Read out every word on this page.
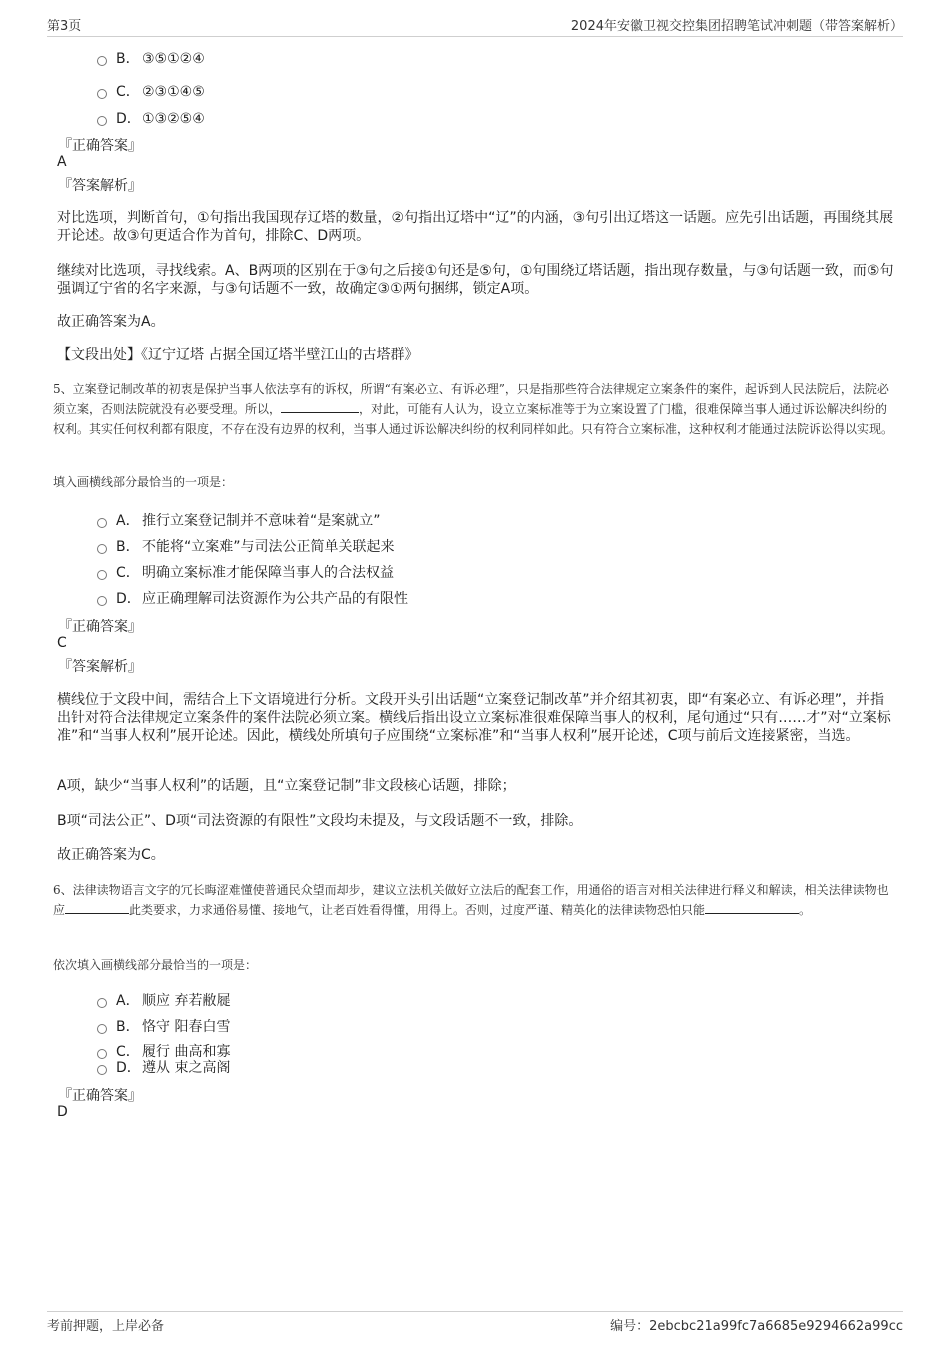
第3页	2024年安徽卫视交控集团招聘笔试冲刺题（带答案解析）
B． ③⑤①②④
C． ②③①④⑤
D．①③②⑤④
『正确答案』
A
『答案解析』
对比选项，判断首句，①句指出我国现存辽塔的数量，②句指出辽塔中“辽”的内涵，③句引出辽塔这一话题。应先引出话题，再围绕其展开论述。故③句更适合作为首句，排除C、D两项。
继续对比选项，寻找线索。A、B两项的区别在于③句之后接①句还是⑤句，①句围绕辽塔话题，指出现存数量，与③句话题一致，而⑤句强调辽宁省的名字来源，与③句话题不一致，故确定③①两句捆绑，锁定A项。
故正确答案为A。
【文段出处】《辽宁辽塔 占据全国辽塔半壁江山的古塔群》
5、立案登记制改革的初衷是保护当事人依法享有的诉权，所谓“有案必立、有诉必理”，只是指那些符合法律规定立案条件的案件，起诉到人民法院后，法院必须立案，否则法院就没有必要受理。所以，	，对此，可能有人认为，设立立案标准等于为立案设置了门槛，很难保障当事人通过诉讼解决纠纷的权利。其实任何权利都有限度，不存在没有边界的权利，当事人通过诉讼解决纠纷的权利同样如此。只有符合立案标准，这种权利才能通过法院诉讼得以实现。
填入画横线部分最恰当的一项是：
A． 推行立案登记制并不意味着“是案就立”
B． 不能将“立案难”与司法公正简单关联起来
C． 明确立案标准才能保障当事人的合法权益
D．应正确理解司法资源作为公共产品的有限性
『正确答案』
C
『答案解析』
横线位于文段中间，需结合上下文语境进行分析。文段开头引出话题“立案登记制改革”并介绍其初衷，即“有案必立、有诉必理”，并指出针对符合法律规定立案条件的案件法院必须立案。横线后指出设立立案标准很难保障当事人的权利，尾句通过“只有……才”对“立案标准”和“当事人权利”展开论述。因此，横线处所填句子应围绕“立案标准”和“当事人权利”展开论述，C项与前后文连接紧密，当选。
A项，缺少“当事人权利”的话题，且“立案登记制”非文段核心话题，排除；
B项“司法公正”、D项“司法资源的有限性”文段均未提及，与文段话题不一致，排除。
故正确答案为C。
6、法律读物语言文字的冗长晦涩难懂使普通民众望而却步，建议立法机关做好立法后的配套工作，用通俗的语言对相关法律进行释义和解读，相关法律读物也应	此类要求，力求通俗易懂、接地气，让老百姓看得懂，用得上。否则，过度严谨、精英化的法律读物恐怕只能	。
依次填入画横线部分最恰当的一项是：
A． 顺应 弃若敝屣
B． 恪守 阳春白雪
C． 履行 曲高和寡
D．遵从 束之高阁
『正确答案』
D
考前押题，上岸必备	编号：2ebcbc21a99fc7a6685e9294662a99cc
